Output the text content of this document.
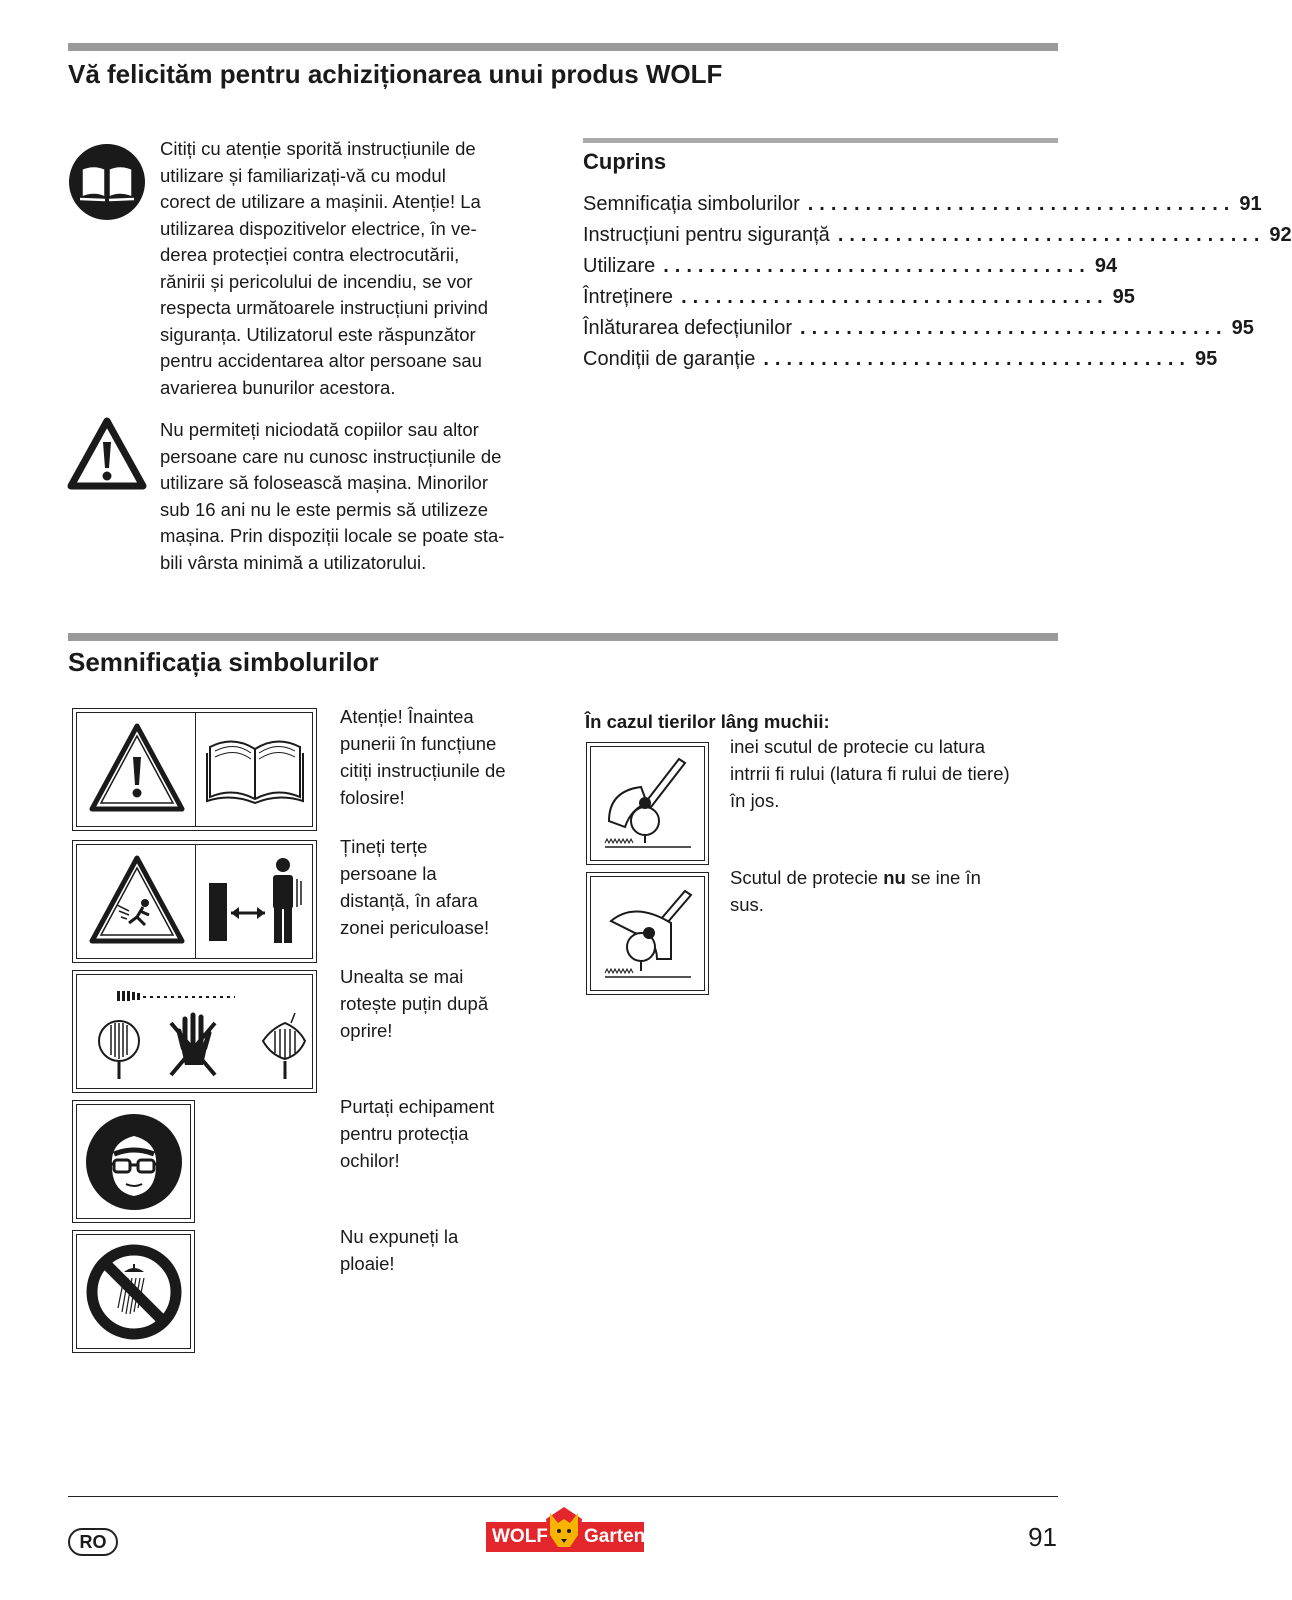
Vă felicităm pentru achiziționarea unui produs WOLF

Citiți cu atenție sporită instrucțiunile de

utilizare și familiarizați-vă cu modul

corect de utilizare a mașinii. Atenție! La

utilizarea dispozitivelor electrice, în ve-

derea protecției contra electrocutării,

rănirii și pericolului de incendiu, se vor

respecta următoarele instrucțiuni privind

siguranța. Utilizatorul este răspunzător

pentru accidentarea altor persoane sau

avarierea bunurilor acestora.

Nu permiteți niciodată copiilor sau altor

persoane care nu cunosc instrucțiunile de

utilizare să folosească mașina. Minorilor

sub 16 ani nu le este permis să utilizeze

mașina. Prin dispoziții locale se poate sta-

bili vârsta minimă a utilizatorului.

Cuprins
Semnificația simbolurilor ..................................... 91
Instrucțiuni pentru siguranță ..................................... 92
Utilizare ..................................... 94
Întreținere ..................................... 95
Înlăturarea defecțiunilor ..................................... 95
Condiții de garanție ..................................... 95
Semnificația simbolurilor
Atenție! Înaintea
punerii în funcțiune
citiți instrucțiunile de
folosire!
Țineți terțe
persoane la
distanță, în afara
zonei periculoase!
Unealta se mai
rotește puțin după
oprire!
Purtați echipament
pentru protecția
ochilor!
Nu expuneți la
ploaie!
În cazul tierilor lâng muchii:
inei scutul de protecie cu latura
intrrii fi rului (latura fi rului de tiere)
în jos.
Scutul de protecie nu se ine în
sus.
RO	WOLF Garten	91
